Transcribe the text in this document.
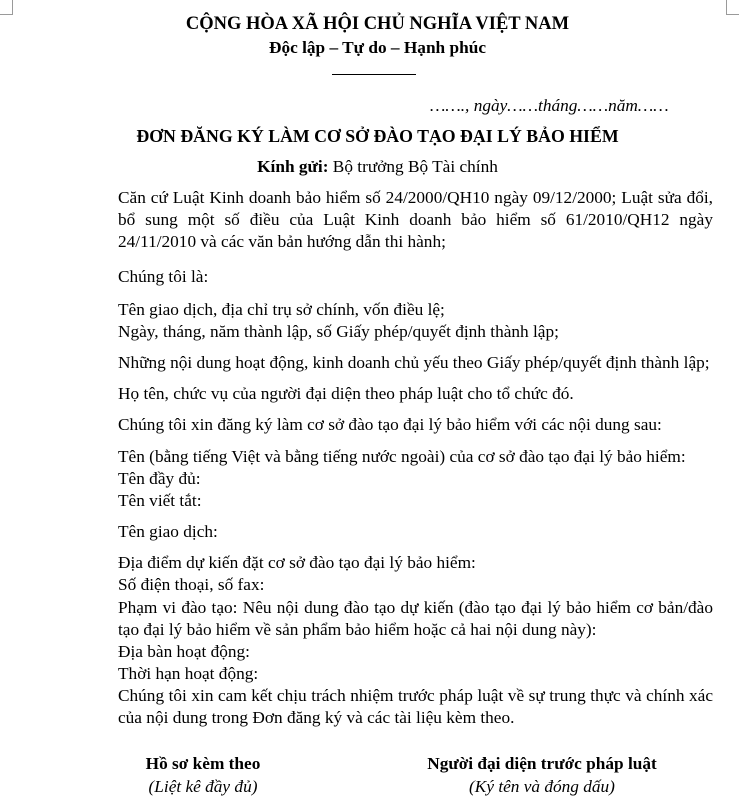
CỘNG HÒA XÃ HỘI CHỦ NGHĨA VIỆT NAM
Độc lập – Tự do – Hạnh phúc
……., ngày……tháng……năm……
ĐƠN ĐĂNG KÝ LÀM CƠ SỞ ĐÀO TẠO ĐẠI LÝ BẢO HIỂM
Kính gửi: Bộ trưởng Bộ Tài chính
Căn cứ Luật Kinh doanh bảo hiểm số 24/2000/QH10 ngày 09/12/2000; Luật sửa đổi,
bổ sung một số điều của Luật Kinh doanh bảo hiểm số 61/2010/QH12 ngày
24/11/2010 và các văn bản hướng dẫn thi hành;
Chúng tôi là:
Tên giao dịch, địa chỉ trụ sở chính, vốn điều lệ;
Ngày, tháng, năm thành lập, số Giấy phép/quyết định thành lập;
Những nội dung hoạt động, kinh doanh chủ yếu theo Giấy phép/quyết định thành lập;
Họ tên, chức vụ của người đại diện theo pháp luật cho tổ chức đó.
Chúng tôi xin đăng ký làm cơ sở đào tạo đại lý bảo hiểm với các nội dung sau:
Tên (bằng tiếng Việt và bằng tiếng nước ngoài) của cơ sở đào tạo đại lý bảo hiểm:
Tên đầy đủ:
Tên viết tắt:
Tên giao dịch:
Địa điểm dự kiến đặt cơ sở đào tạo đại lý bảo hiểm:
Số điện thoại, số fax:
Phạm vi đào tạo: Nêu nội dung đào tạo dự kiến (đào tạo đại lý bảo hiểm cơ bản/đào
tạo đại lý bảo hiểm về sản phẩm bảo hiểm hoặc cả hai nội dung này):
Địa bàn hoạt động:
Thời hạn hoạt động:
Chúng tôi xin cam kết chịu trách nhiệm trước pháp luật về sự trung thực và chính xác
của nội dung trong Đơn đăng ký và các tài liệu kèm theo.
Hồ sơ kèm theo
(Liệt kê đầy đủ)
Người đại diện trước pháp luật
(Ký tên và đóng dấu)
